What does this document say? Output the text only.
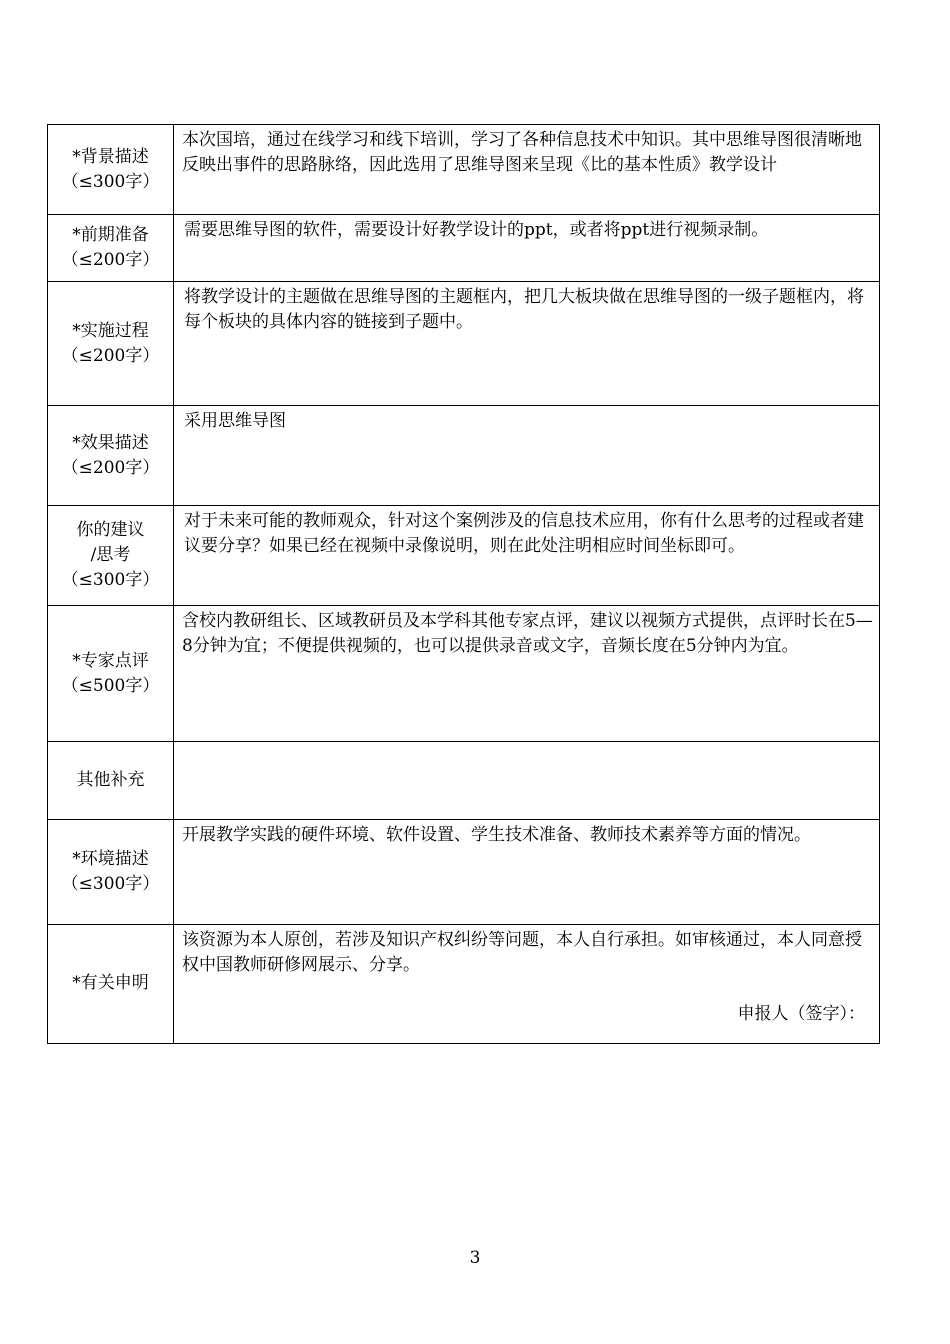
*背景描述
（≤300字）	本次国培，通过在线学习和线下培训，学习了各种信息技术中知识。其中思维导图很清晰地反映出事件的思路脉络，因此选用了思维导图来呈现《比的基本性质》教学设计

*前期准备
（≤200字）	需要思维导图的软件，需要设计好教学设计的ppt，或者将ppt进行视频录制。

*实施过程
（≤200字）	将教学设计的主题做在思维导图的主题框内，把几大板块做在思维导图的一级子题框内，将每个板块的具体内容的链接到子题中。

*效果描述
（≤200字）	采用思维导图

你的建议
/思考
（≤300字）	对于未来可能的教师观众，针对这个案例涉及的信息技术应用，你有什么思考的过程或者建议要分享？如果已经在视频中录像说明，则在此处注明相应时间坐标即可。

*专家点评
（≤500字）	含校内教研组长、区域教研员及本学科其他专家点评，建议以视频方式提供，点评时长在5—8分钟为宜；不便提供视频的，也可以提供录音或文字，音频长度在5分钟内为宜。

其他补充	

*环境描述
（≤300字）	开展教学实践的硬件环境、软件设置、学生技术准备、教师技术素养等方面的情况。

*有关申明	该资源为本人原创，若涉及知识产权纠纷等问题，本人自行承担。如审核通过，本人同意授权中国教师研修网展示、分享。
申报人（签字）：
3
